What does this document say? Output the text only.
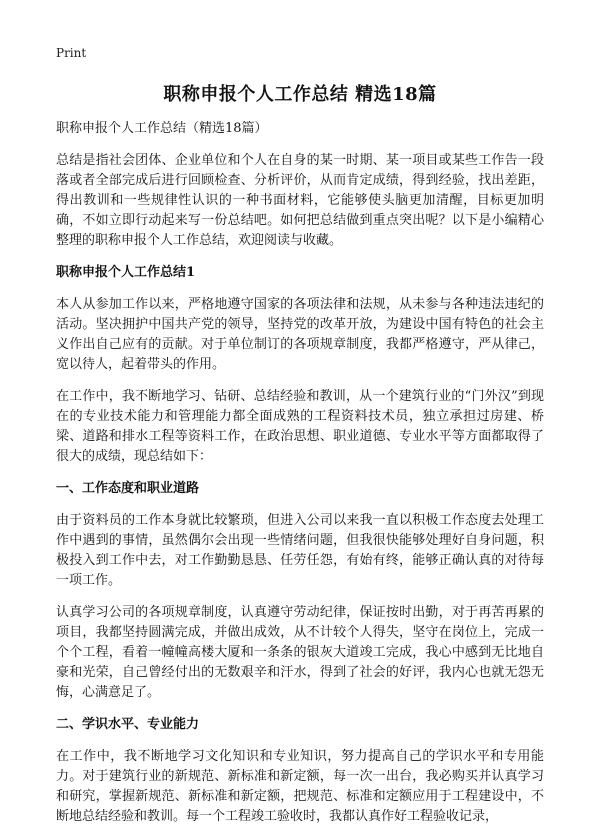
Print
职称申报个人工作总结 精选18篇

职称申报个人工作总结（精选18篇）

总结是指社会团体、企业单位和个人在自身的某一时期、某一项目或某些工作告一段落或者全部完成后进行回顾检查、分析评价，从而肯定成绩，得到经验，找出差距，得出教训和一些规律性认识的一种书面材料，它能够使头脑更加清醒，目标更加明确，不如立即行动起来写一份总结吧。如何把总结做到重点突出呢？以下是小编精心整理的职称申报个人工作总结，欢迎阅读与收藏。

职称申报个人工作总结1

本人从参加工作以来，严格地遵守国家的各项法律和法规，从未参与各种违法违纪的活动。坚决拥护中国共产党的领导，坚持党的改革开放，为建设中国有特色的社会主义作出自己应有的贡献。对于单位制订的各项规章制度，我都严格遵守，严从律己，宽以待人，起着带头的作用。

在工作中，我不断地学习、钻研、总结经验和教训，从一个建筑行业的“门外汉”到现在的专业技术能力和管理能力都全面成熟的工程资料技术员，独立承担过房建、桥梁、道路和排水工程等资料工作，在政治思想、职业道德、专业水平等方面都取得了很大的成绩，现总结如下：

一、工作态度和职业道路

由于资料员的工作本身就比较繁琐，但进入公司以来我一直以积极工作态度去处理工作中遇到的事情，虽然偶尔会出现一些情绪问题，但我很快能够处理好自身问题，积极投入到工作中去，对工作勤勤恳恳、任劳任怨，有始有终，能够正确认真的对待每一项工作。

认真学习公司的各项规章制度，认真遵守劳动纪律，保证按时出勤，对于再苦再累的项目，我都坚持圆满完成，并做出成效，从不计较个人得失，坚守在岗位上，完成一个个工程，看着一幢幢高楼大厦和一条条的银灰大道竣工完成，我心中感到无比地自豪和光荣，自己曾经付出的无数艰辛和汗水，得到了社会的好评，我内心也就无怨无悔，心满意足了。

二、学识水平、专业能力

在工作中，我不断地学习文化知识和专业知识，努力提高自己的学识水平和专用能力。对于建筑行业的新规范、新标准和新定额，每一次一出台，我必购买并认真学习和研究，掌握新规范、新标准和新定额，把规范、标准和定额应用于工程建设中，不断地总结经验和教训。每一个工程竣工验收时，我都认真作好工程验收记录，
